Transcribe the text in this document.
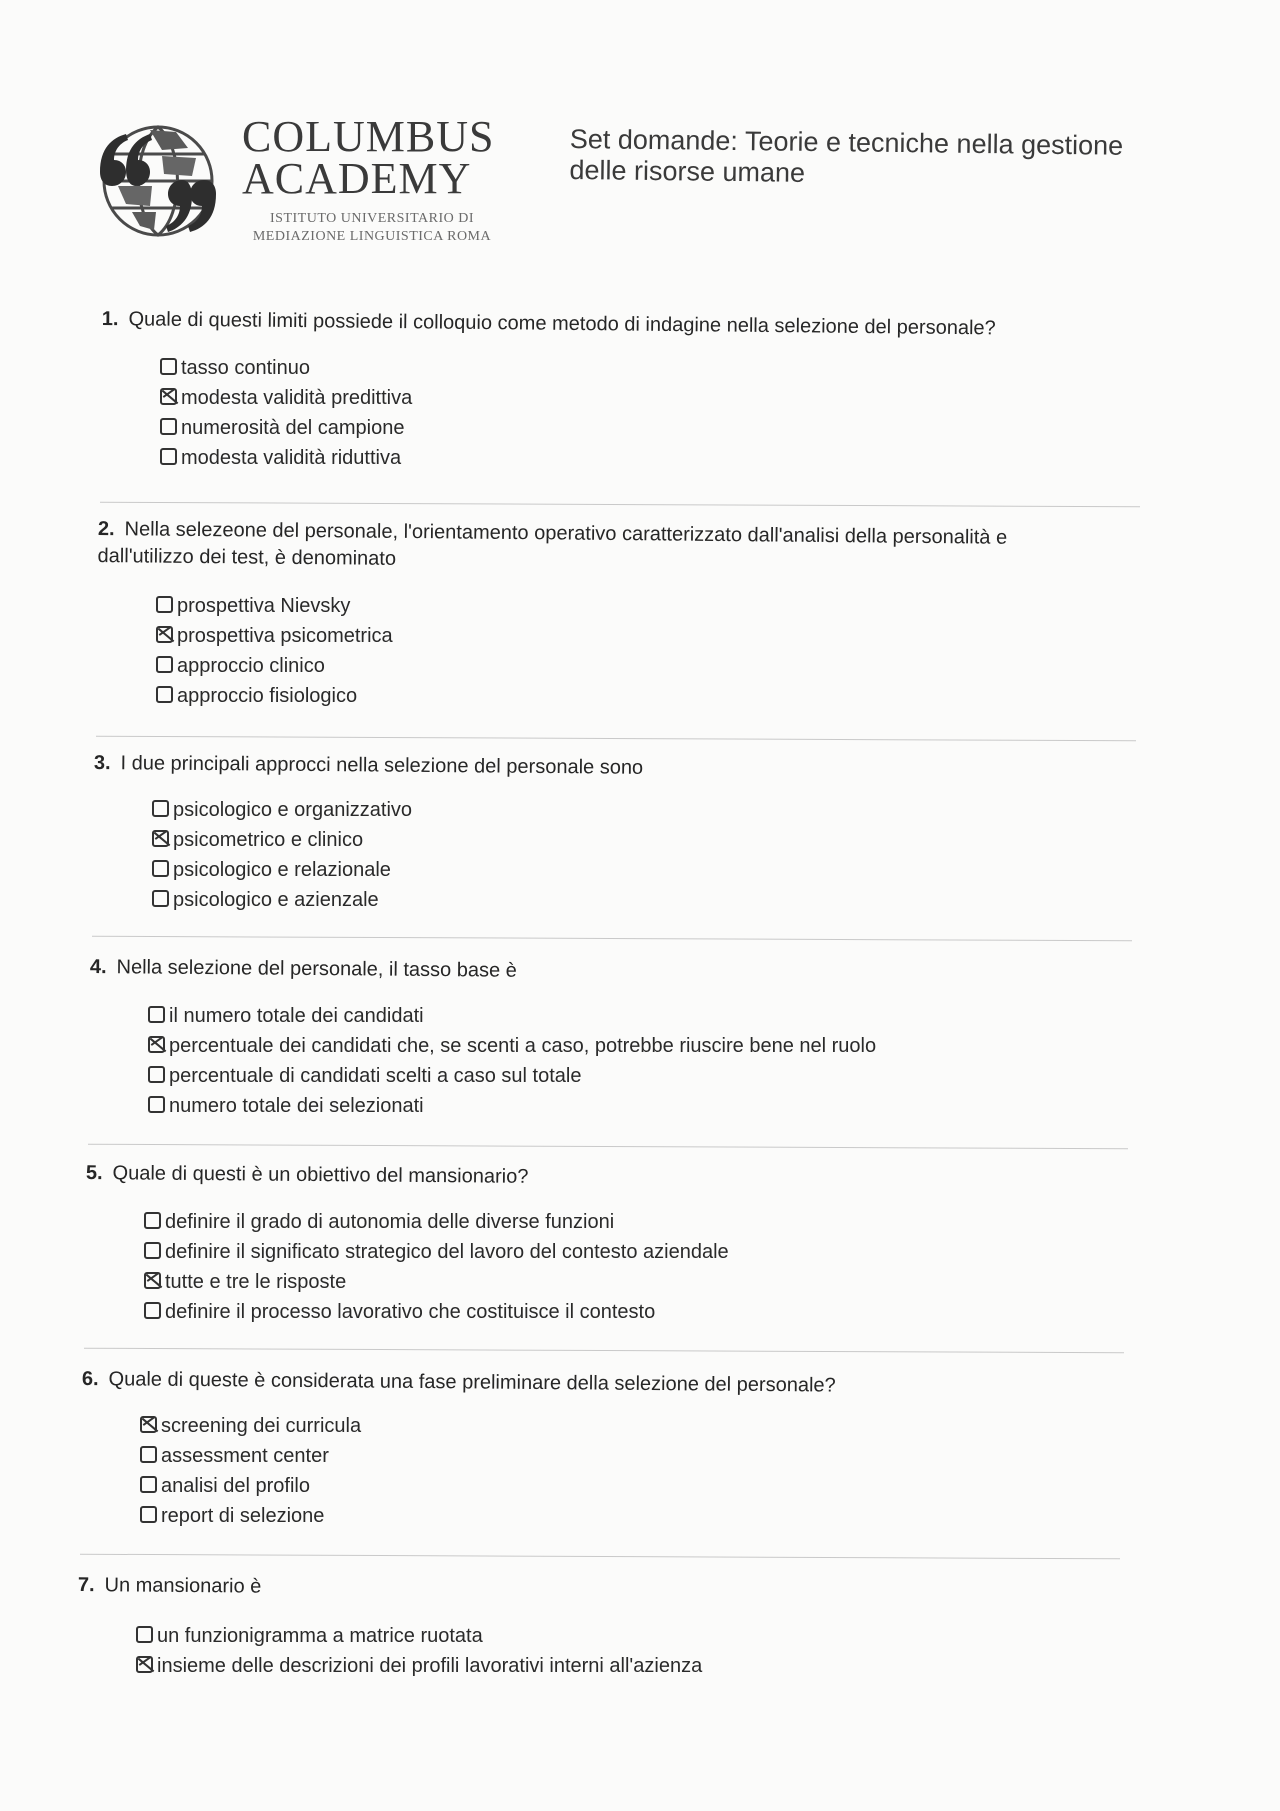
COLUMBUS
ACADEMY
ISTITUTO UNIVERSITARIO DI
MEDIAZIONE LINGUISTICA ROMA
Set domande: Teorie e tecniche nella gestione delle risorse umane
1. Quale di questi limiti possiede il colloquio come metodo di indagine nella selezione del personale?
tasso continuo
modesta validità predittiva
numerosità del campione
modesta validità riduttiva
2. Nella selezeone del personale, l'orientamento operativo caratterizzato dall'analisi della personalità e dall'utilizzo dei test, è denominato
prospettiva Nievsky
prospettiva psicometrica
approccio clinico
approccio fisiologico
3. I due principali approcci nella selezione del personale sono
psicologico e organizzativo
psicometrico e clinico
psicologico e relazionale
psicologico e azienzale
4. Nella selezione del personale, il tasso base è
il numero totale dei candidati
percentuale dei candidati che, se scenti a caso, potrebbe riuscire bene nel ruolo
percentuale di candidati scelti a caso sul totale
numero totale dei selezionati
5. Quale di questi è un obiettivo del mansionario?
definire il grado di autonomia delle diverse funzioni
definire il significato strategico del lavoro del contesto aziendale
tutte e tre le risposte
definire il processo lavorativo che costituisce il contesto
6. Quale di queste è considerata una fase preliminare della selezione del personale?
screening dei curricula
assessment center
analisi del profilo
report di selezione
7. Un mansionario è
un funzionigramma a matrice ruotata
insieme delle descrizioni dei profili lavorativi interni all'azienza
